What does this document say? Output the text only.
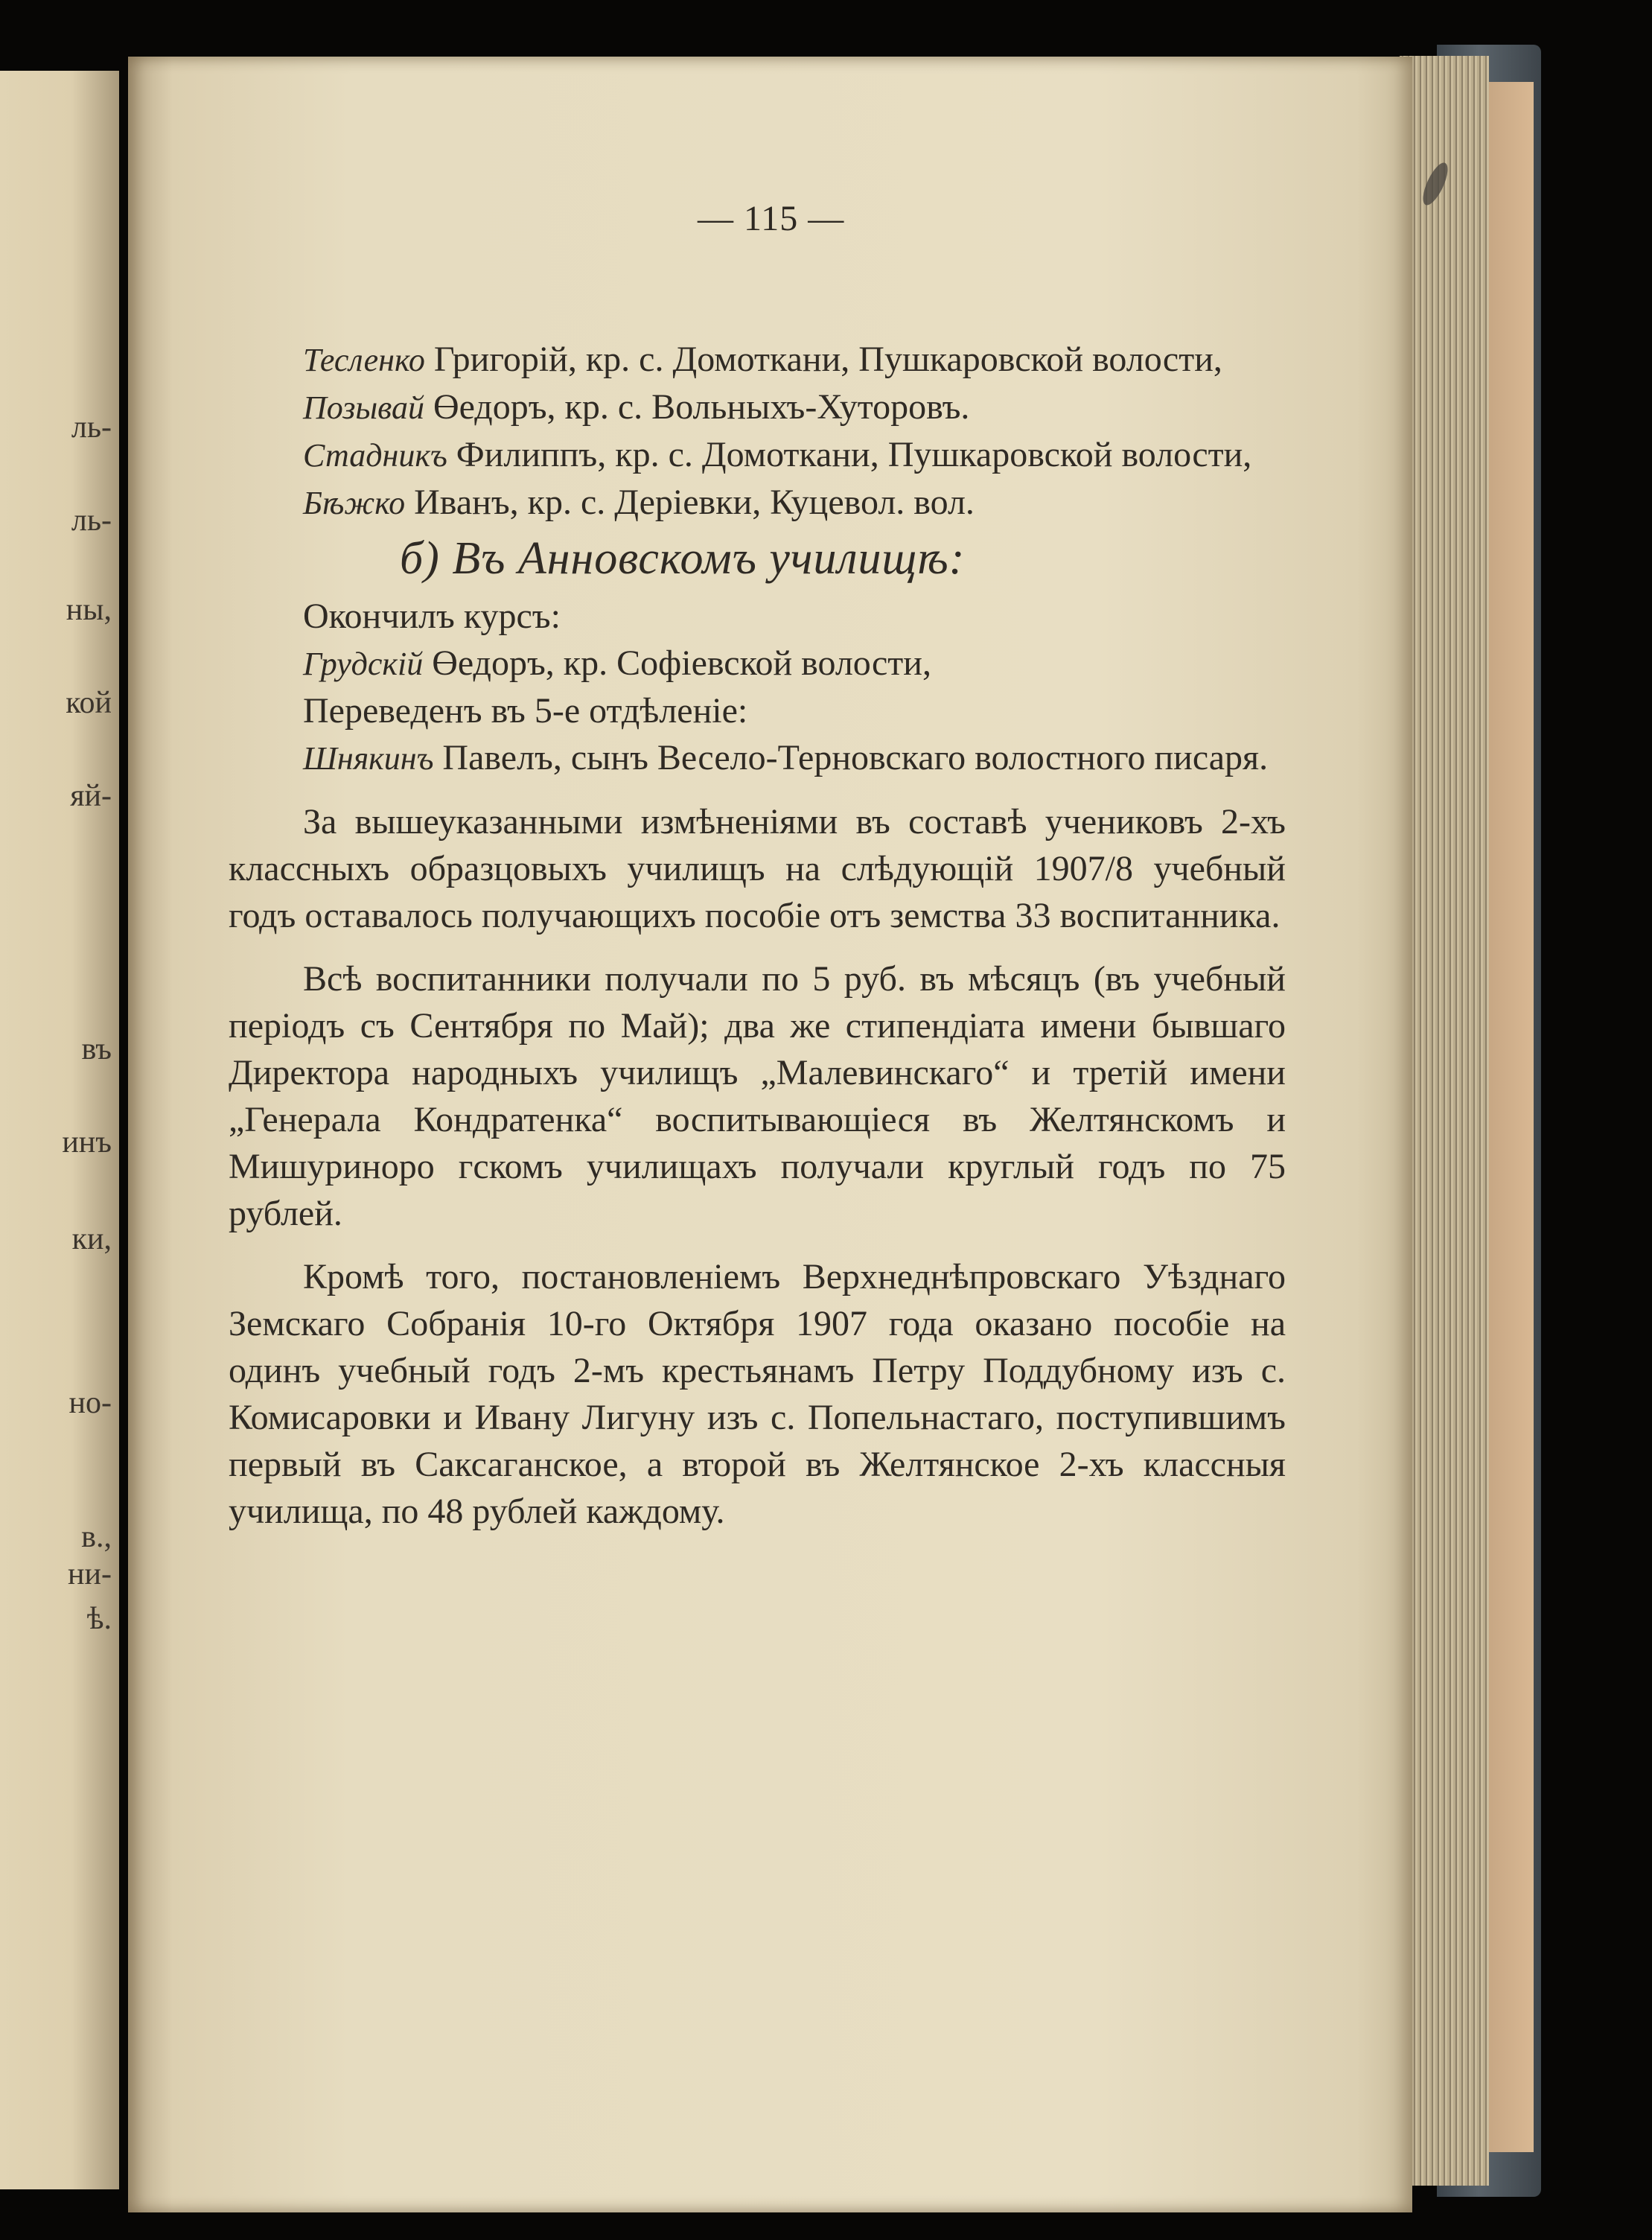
ль-
ль-
ны,
кой
яй-
въ
инъ
ки,
но-
в.,
ни-
ѣ.
— 115 —

Тесленко Григорій, кр. с. Домоткани, Пушкаровской волости,

Позывай Өедоръ, кр. с. Вольныхъ-Хуторовъ.

Стадникъ Филиппъ, кр. с. Домоткани, Пушкаровской волости,

Бѣжко Иванъ, кр. с. Деріевки, Куцевол. вол.

б) Въ Анновскомъ училищѣ:

Окончилъ курсъ:

Грудскій Өедоръ, кр. Софіевской волости,

Переведенъ въ 5-е отдѣленіе:

Шнякинъ Павелъ, сынъ Весело-Терновскаго волостного писаря.

За вышеуказанными измѣненіями въ составѣ учениковъ 2-хъ классныхъ образцовыхъ училищъ на слѣдующій 1907/8 учебный годъ оставалось получающихъ пособіе отъ земства 33 воспитанника.

Всѣ воспитанники получали по 5 руб. въ мѣсяцъ (въ учебный періодъ съ Сентября по Май); два же стипендіата имени бывшаго Директора народныхъ училищъ „Малевинскаго“ и третій имени „Генерала Кондратенка“ воспитывающіеся въ Желтянскомъ и Мишуриноро гскомъ училищахъ получали круглый годъ по 75 рублей.

Кромѣ того, постановленіемъ Верхнеднѣпровскаго Уѣзднаго Земскаго Собранія 10-го Октября 1907 года оказано пособіе на одинъ учебный годъ 2-мъ крестьянамъ Петру Поддубному изъ с. Комисаровки и Ивану Лигуну изъ с. Попельнастаго, поступившимъ первый въ Саксаганское, а второй въ Желтянское 2-хъ классныя училища, по 48 рублей каждому.
